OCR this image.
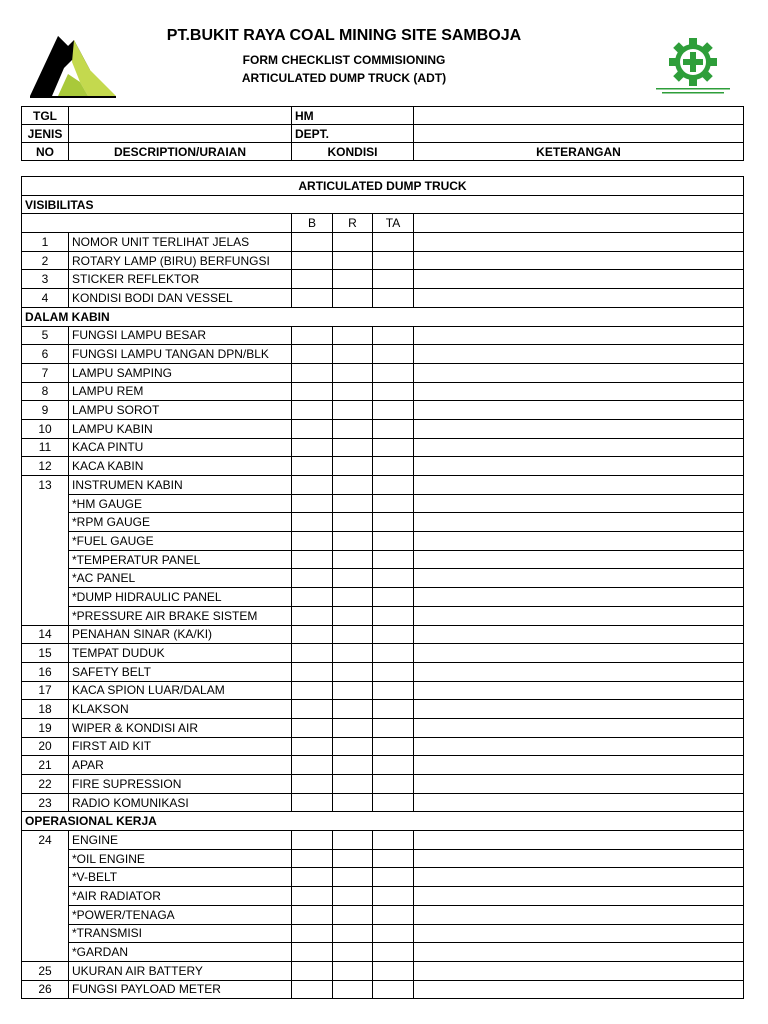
PT.BUKIT RAYA COAL MINING SITE SAMBOJA
FORM CHECKLIST COMMISIONING
ARTICULATED DUMP TRUCK (ADT)
TGL		HM	
JENIS		DEPT.	
NO	DESCRIPTION/URAIAN	KONDISI	KETERANGAN
ARTICULATED DUMP TRUCK					
VISIBILITAS					
		B	R	TA	
1	NOMOR UNIT TERLIHAT JELAS				
2	ROTARY LAMP (BIRU) BERFUNGSI				
3	STICKER REFLEKTOR				
4	KONDISI BODI DAN VESSEL				
DALAM KABIN					
5	FUNGSI LAMPU BESAR				
6	FUNGSI LAMPU TANGAN DPN/BLK				
7	LAMPU SAMPING				
8	LAMPU REM				
9	LAMPU SOROT				
10	LAMPU KABIN				
11	KACA PINTU				
12	KACA KABIN				
13	INSTRUMEN KABIN				
	*HM GAUGE				
	*RPM GAUGE				
	*FUEL GAUGE				
	*TEMPERATUR PANEL				
	*AC PANEL				
	*DUMP HIDRAULIC PANEL				
	*PRESSURE AIR BRAKE SISTEM				
14	PENAHAN SINAR (KA/KI)				
15	TEMPAT DUDUK				
16	SAFETY BELT				
17	KACA SPION LUAR/DALAM				
18	KLAKSON				
19	WIPER & KONDISI AIR				
20	FIRST AID KIT				
21	APAR				
22	FIRE SUPRESSION				
23	RADIO KOMUNIKASI				
OPERASIONAL KERJA					
24	ENGINE				
	*OIL ENGINE				
	*V-BELT				
	*AIR RADIATOR				
	*POWER/TENAGA				
	*TRANSMISI				
	*GARDAN				
25	UKURAN AIR BATTERY				
26	FUNGSI PAYLOAD METER				
